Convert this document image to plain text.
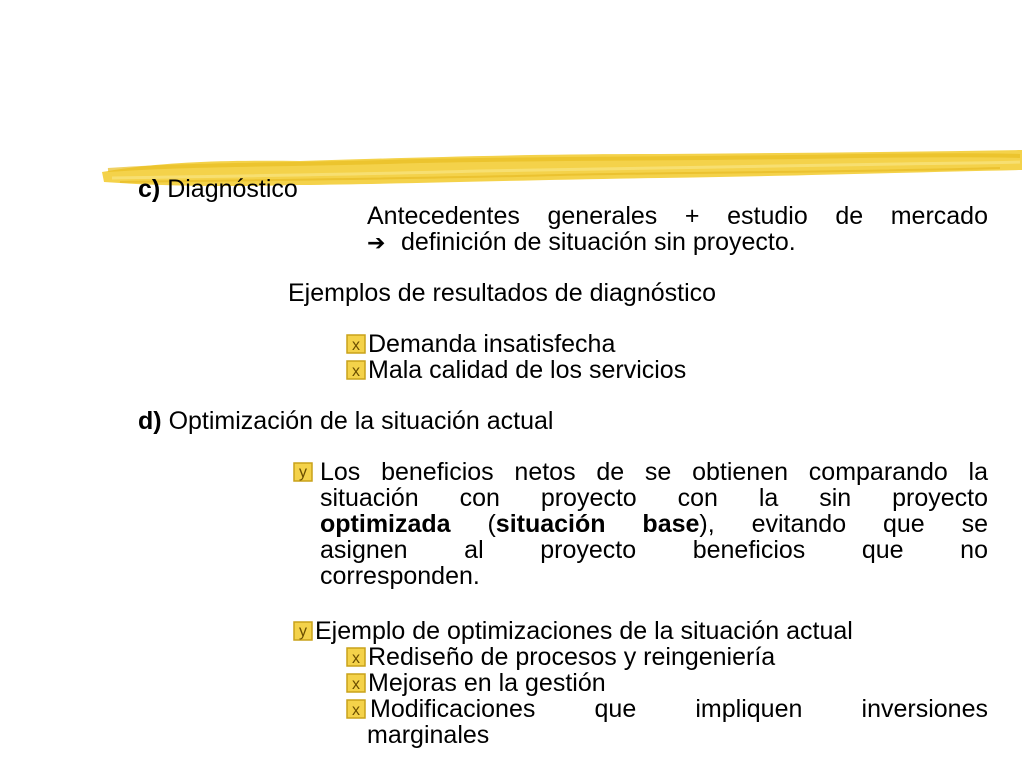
c) Diagnóstico

Antecedentes generales + estudio de mercado

➔ definición de situación sin proyecto.

Ejemplos de resultados de diagnóstico

x Demanda insatisfecha

x Mala calidad de los servicios

d) Optimización de la situación actual

y Los beneficios netos de se obtienen comparando la

situación con proyecto con la sin proyecto

optimizada (situación base), evitando que se

asignen al proyecto beneficios que no

corresponden.

y Ejemplo de optimizaciones de la situación actual

x Rediseño de procesos y reingeniería

x Mejoras en la gestión

x Modificaciones que impliquen inversiones

marginales
